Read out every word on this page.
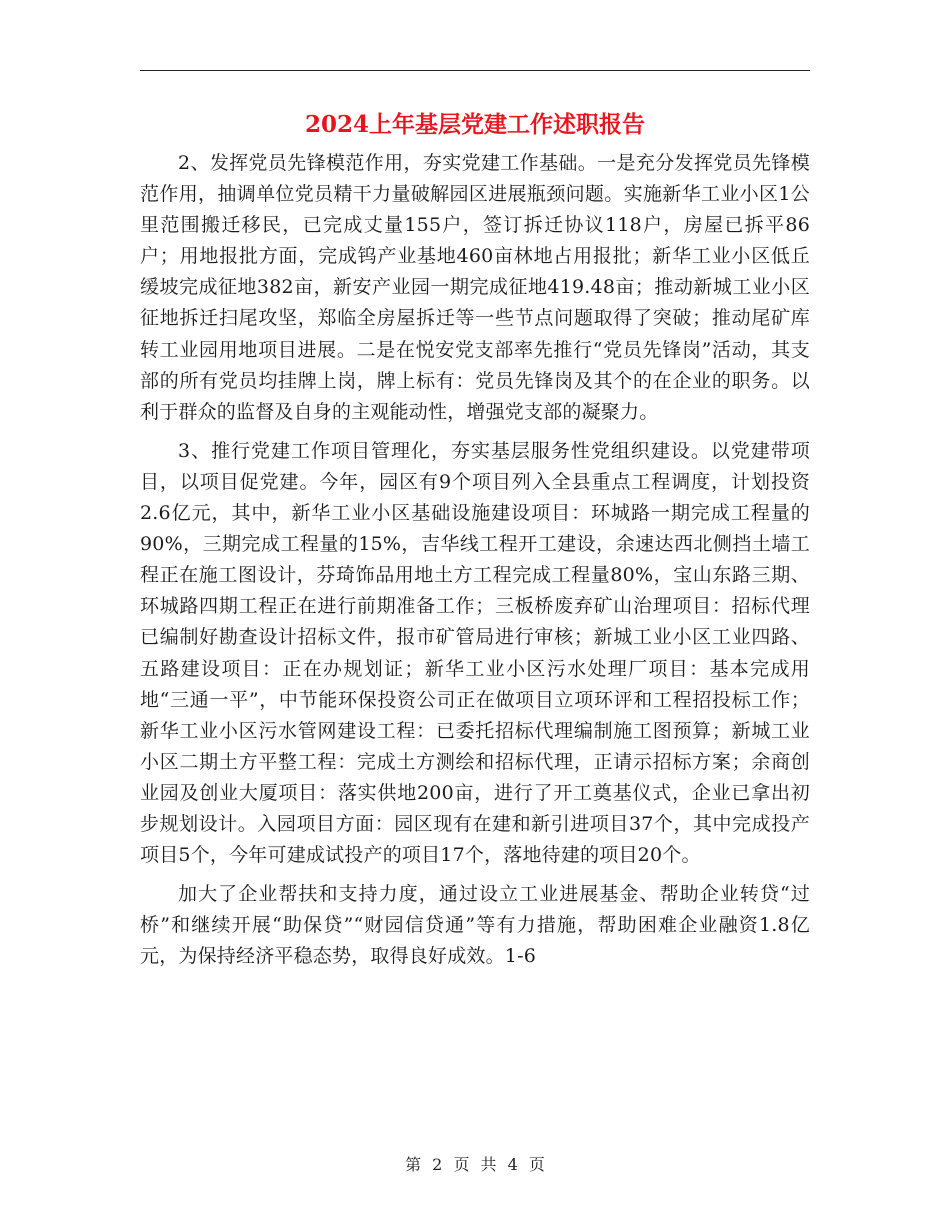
2024上年基层党建工作述职报告

2、发挥党员先锋模范作用，夯实党建工作基础。一是充分发挥党员先锋模范作用，抽调单位党员精干力量破解园区进展瓶颈问题。实施新华工业小区1公里范围搬迁移民，已完成丈量155户，签订拆迁协议118户，房屋已拆平86户；用地报批方面，完成钨产业基地460亩林地占用报批；新华工业小区低丘缓坡完成征地382亩，新安产业园一期完成征地419.48亩；推动新城工业小区征地拆迁扫尾攻坚，郑临全房屋拆迁等一些节点问题取得了突破；推动尾矿库转工业园用地项目进展。二是在悦安党支部率先推行“党员先锋岗”活动，其支部的所有党员均挂牌上岗，牌上标有：党员先锋岗及其个的在企业的职务。以利于群众的监督及自身的主观能动性，增强党支部的凝聚力。

3、推行党建工作项目管理化，夯实基层服务性党组织建设。以党建带项目，以项目促党建。今年，园区有9个项目列入全县重点工程调度，计划投资2.6亿元，其中，新华工业小区基础设施建设项目：环城路一期完成工程量的90%，三期完成工程量的15%，吉华线工程开工建设，余速达西北侧挡土墙工程正在施工图设计，芬琦饰品用地土方工程完成工程量80%，宝山东路三期、环城路四期工程正在进行前期准备工作；三板桥废弃矿山治理项目：招标代理已编制好勘查设计招标文件，报市矿管局进行审核；新城工业小区工业四路、五路建设项目：正在办规划证；新华工业小区污水处理厂项目：基本完成用地“三通一平”，中节能环保投资公司正在做项目立项环评和工程招投标工作；新华工业小区污水管网建设工程：已委托招标代理编制施工图预算；新城工业小区二期土方平整工程：完成土方测绘和招标代理，正请示招标方案；余商创业园及创业大厦项目：落实供地200亩，进行了开工奠基仪式，企业已拿出初步规划设计。入园项目方面：园区现有在建和新引进项目37个，其中完成投产项目5个，今年可建成试投产的项目17个，落地待建的项目20个。

加大了企业帮扶和支持力度，通过设立工业进展基金、帮助企业转贷“过桥”和继续开展“助保贷”“财园信贷通”等有力措施，帮助困难企业融资1.8亿元，为保持经济平稳态势，取得良好成效。1-6

第 2 页 共 4 页
